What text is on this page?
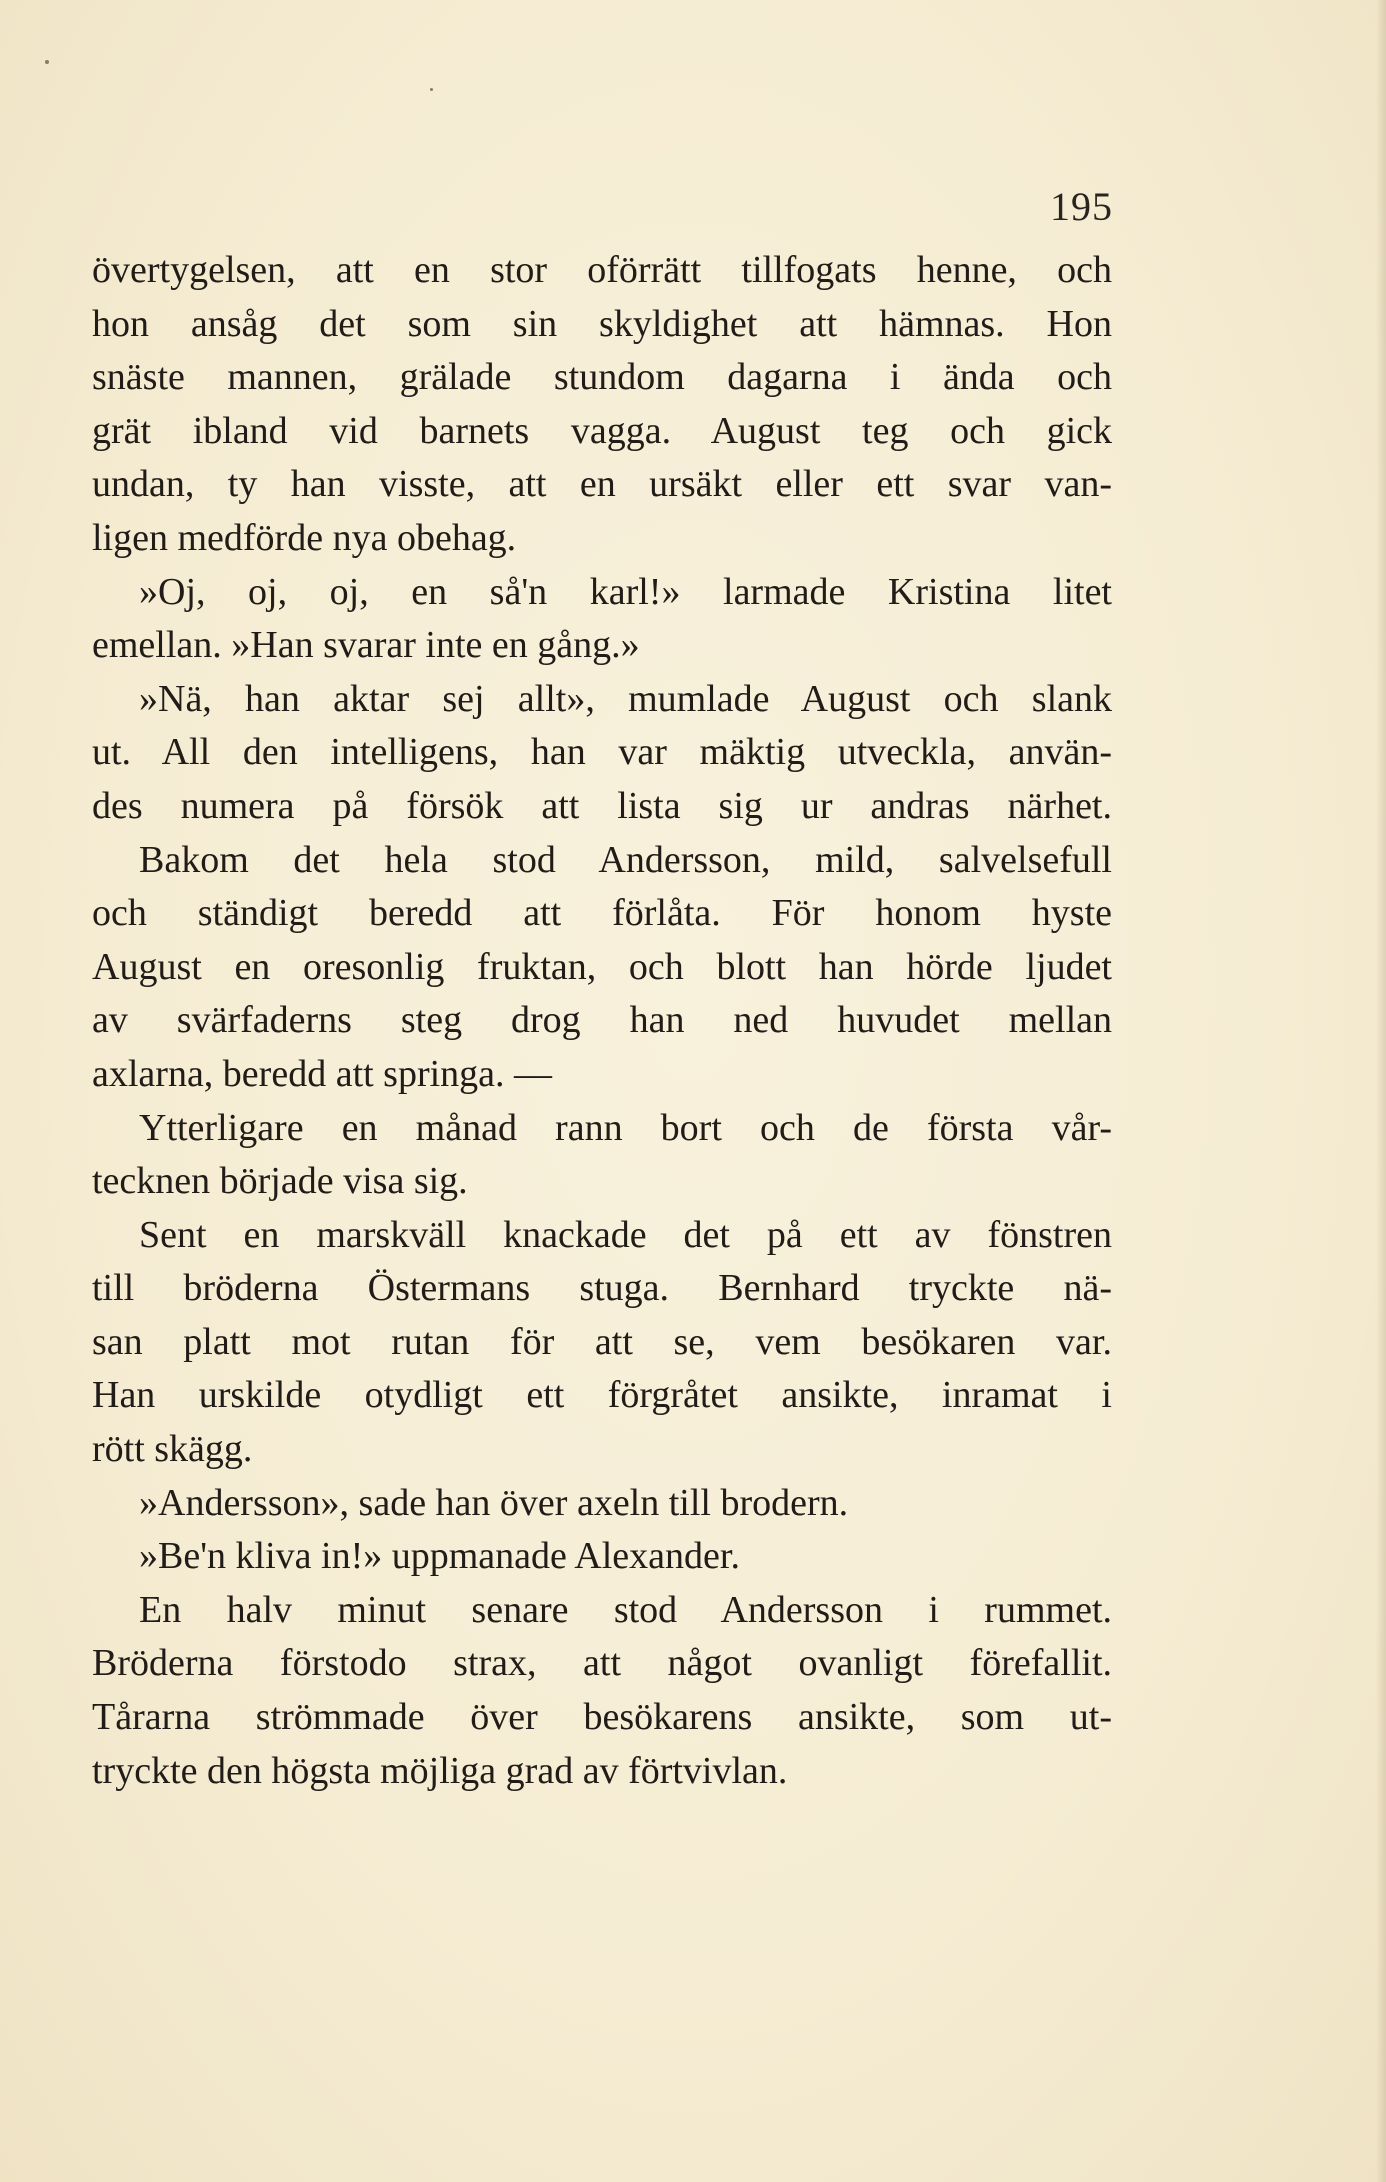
195
övertygelsen, att en stor oförrätt tillfogats henne, och
hon ansåg det som sin skyldighet att hämnas. Hon
snäste mannen, grälade stundom dagarna i ända och
grät ibland vid barnets vagga. August teg och gick
undan, ty han visste, att en ursäkt eller ett svar van-
ligen medförde nya obehag.
»Oj, oj, oj, en så'n karl!» larmade Kristina litet
emellan. »Han svarar inte en gång.»
»Nä, han aktar sej allt», mumlade August och slank
ut. All den intelligens, han var mäktig utveckla, använ-
des numera på försök att lista sig ur andras närhet.
Bakom det hela stod Andersson, mild, salvelsefull
och ständigt beredd att förlåta. För honom hyste
August en oresonlig fruktan, och blott han hörde ljudet
av svärfaderns steg drog han ned huvudet mellan
axlarna, beredd att springa. —
Ytterligare en månad rann bort och de första vår-
tecknen började visa sig.
Sent en marskväll knackade det på ett av fönstren
till bröderna Östermans stuga. Bernhard tryckte nä-
san platt mot rutan för att se, vem besökaren var.
Han urskilde otydligt ett förgråtet ansikte, inramat i
rött skägg.
»Andersson», sade han över axeln till brodern.
»Be'n kliva in!» uppmanade Alexander.
En halv minut senare stod Andersson i rummet.
Bröderna förstodo strax, att något ovanligt förefallit.
Tårarna strömmade över besökarens ansikte, som ut-
tryckte den högsta möjliga grad av förtvivlan.
